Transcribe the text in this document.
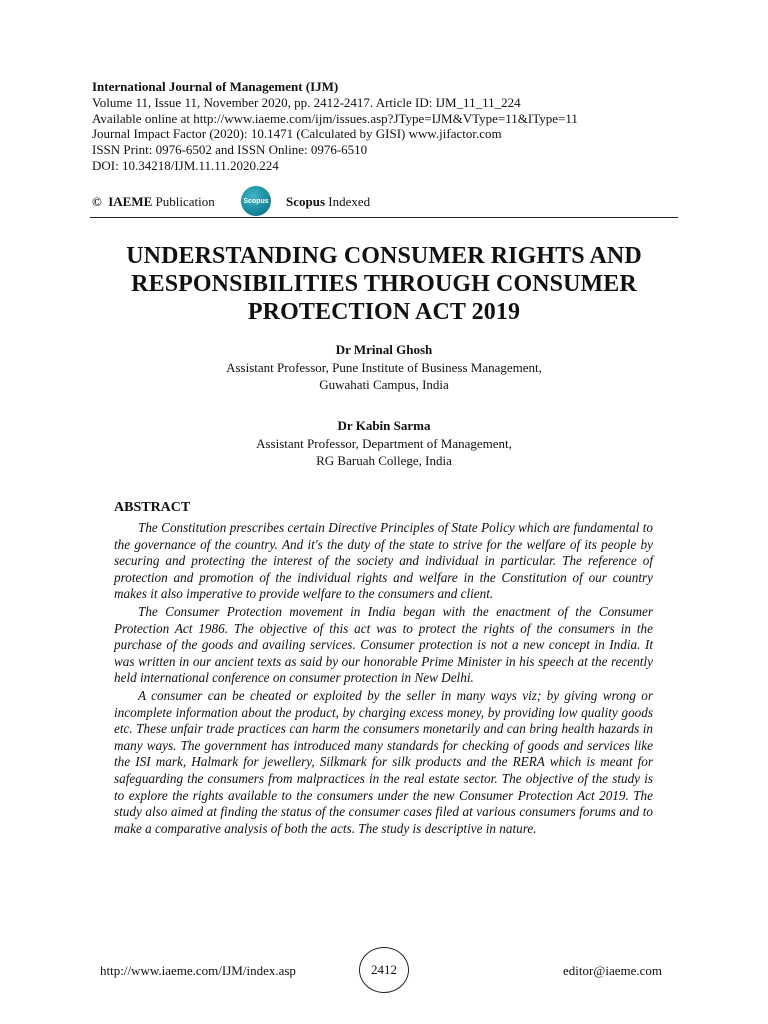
International Journal of Management (IJM)
Volume 11, Issue 11, November 2020, pp. 2412-2417. Article ID: IJM_11_11_224
Available online at http://www.iaeme.com/ijm/issues.asp?JType=IJM&VType=11&IType=11
Journal Impact Factor (2020): 10.1471 (Calculated by GISI) www.jifactor.com
ISSN Print: 0976-6502 and ISSN Online: 0976-6510
DOI: 10.34218/IJM.11.11.2020.224
© IAEME Publication	Scopus Scopus Indexed
UNDERSTANDING CONSUMER RIGHTS AND
RESPONSIBILITIES THROUGH CONSUMER
PROTECTION ACT 2019
Dr Mrinal Ghosh
Assistant Professor, Pune Institute of Business Management,
Guwahati Campus, India
Dr Kabin Sarma
Assistant Professor, Department of Management,
RG Baruah College, India
ABSTRACT

The Constitution prescribes certain Directive Principles of State Policy which are fundamental to the governance of the country. And it's the duty of the state to strive for the welfare of its people by securing and protecting the interest of the society and individual in particular. The reference of protection and promotion of the individual rights and welfare in the Constitution of our country makes it also imperative to provide welfare to the consumers and client.

The Consumer Protection movement in India began with the enactment of the Consumer Protection Act 1986. The objective of this act was to protect the rights of the consumers in the purchase of the goods and availing services. Consumer protection is not a new concept in India. It was written in our ancient texts as said by our honorable Prime Minister in his speech at the recently held international conference on consumer protection in New Delhi.

A consumer can be cheated or exploited by the seller in many ways viz; by giving wrong or incomplete information about the product, by charging excess money, by providing low quality goods etc. These unfair trade practices can harm the consumers monetarily and can bring health hazards in many ways. The government has introduced many standards for checking of goods and services like the ISI mark, Halmark for jewellery, Silkmark for silk products and the RERA which is meant for safeguarding the consumers from malpractices in the real estate sector. The objective of the study is to explore the rights available to the consumers under the new Consumer Protection Act 2019. The study also aimed at finding the status of the consumer cases filed at various consumers forums and to make a comparative analysis of both the acts. The study is descriptive in nature.

http://www.iaeme.com/IJM/index.asp	2412	editor@iaeme.com
